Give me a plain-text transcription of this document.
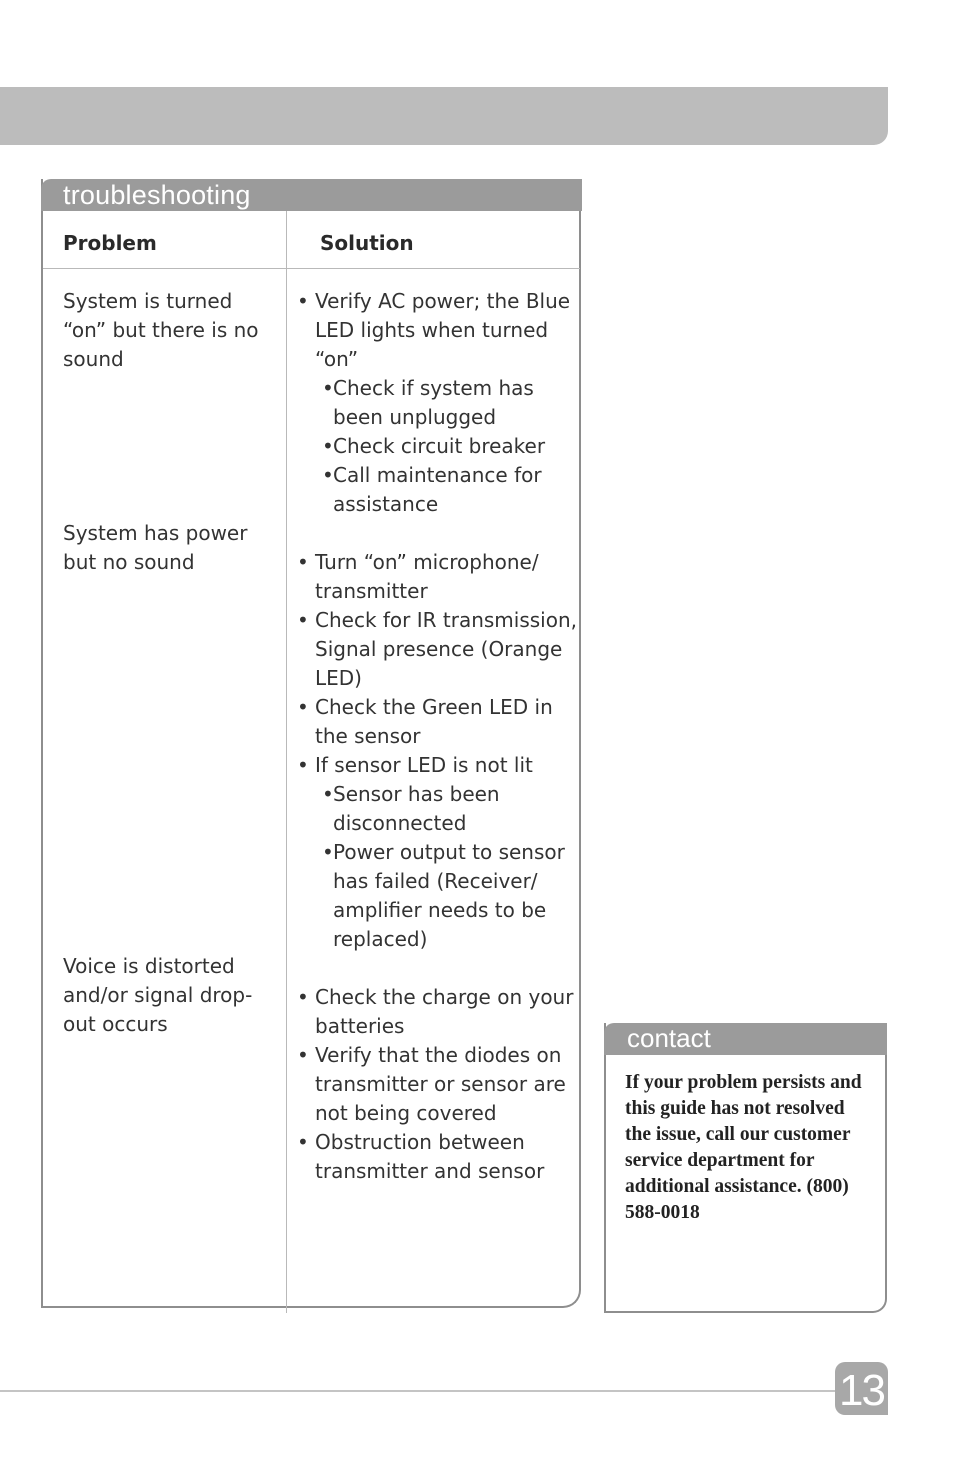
troubleshooting
Problem	Solution
System is turned “on” but there is no sound
System has power but no sound
Voice is distorted and/or signal drop-out occurs
• Verify AC power; the Blue LED lights when turned “on”
• Check if system has been unplugged
• Check circuit breaker
• Call maintenance for assistance
• Turn “on” microphone/ transmitter
• Check for IR transmission, Signal presence (Orange LED)
• Check the Green LED in the sensor
• If sensor LED is not lit
• Sensor has been disconnected
• Power output to sensor has failed (Receiver/ amplifier needs to be replaced)
• Check the charge on your batteries
• Verify that the diodes on transmitter or sensor are not being covered
• Obstruction between transmitter and sensor
contact
If your problem persists and this guide has not resolved the issue, call our customer service department for additional assistance. (800) 588-0018
13
